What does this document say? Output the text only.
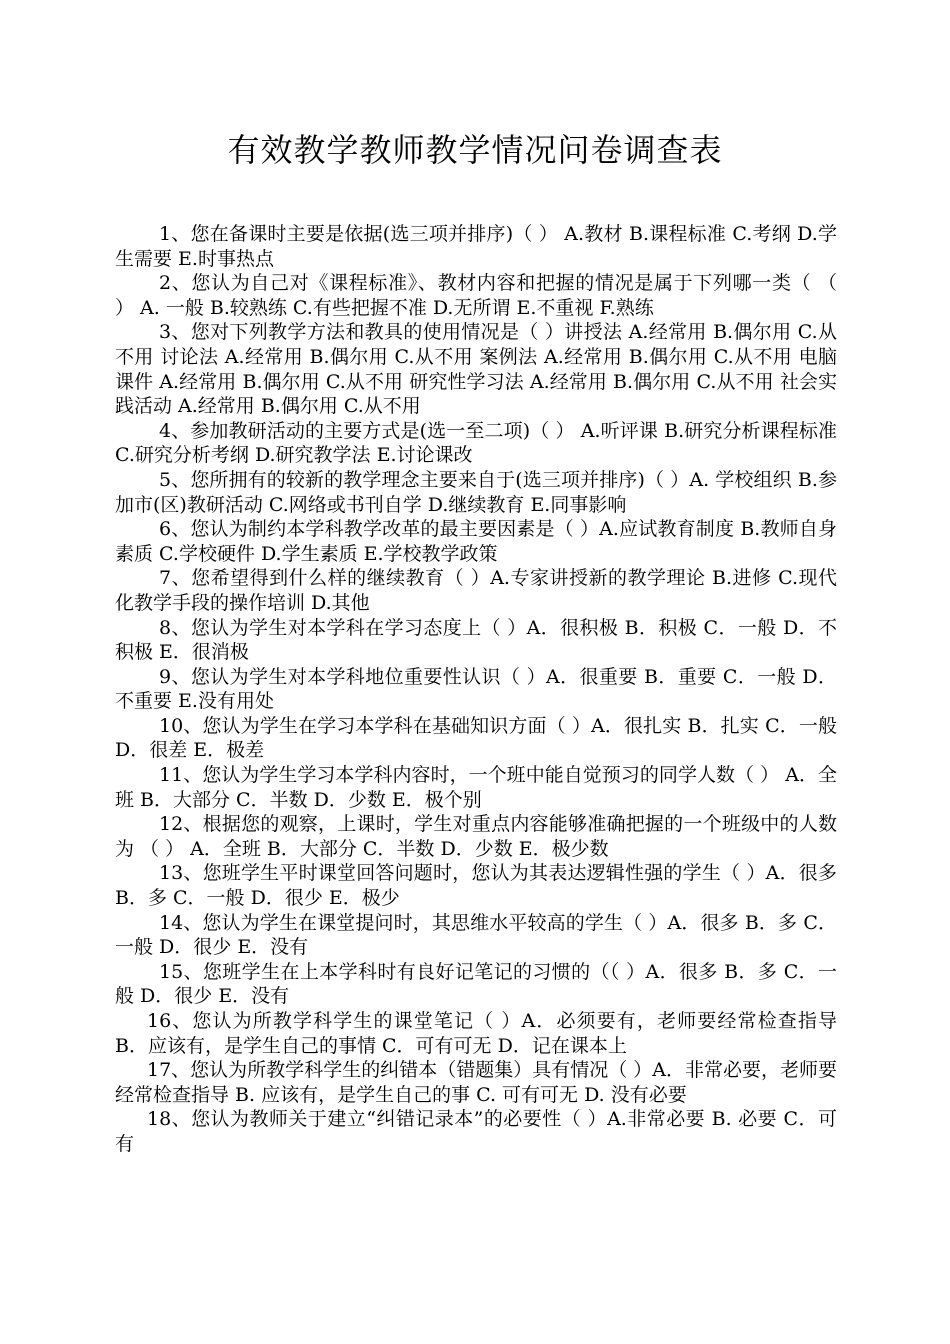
有效教学教师教学情况问卷调查表

1、您在备课时主要是依据(选三项并排序)（ ） A.教材 B.课程标准 C.考纲 D.学生需要 E.时事热点

2、您认为自己对《课程标准》、教材内容和把握的情况是属于下列哪一类（ （ ） A. 一般 B.较熟练 C.有些把握不准 D.无所谓 E.不重视 F.熟练

3、您对下列教学方法和教具的使用情况是（ ）讲授法 A.经常用 B.偶尔用 C.从不用 讨论法 A.经常用 B.偶尔用 C.从不用 案例法 A.经常用 B.偶尔用 C.从不用 电脑课件 A.经常用 B.偶尔用 C.从不用 研究性学习法 A.经常用 B.偶尔用 C.从不用 社会实践活动 A.经常用 B.偶尔用 C.从不用

4、参加教研活动的主要方式是(选一至二项)（ ） A.听评课 B.研究分析课程标准 C.研究分析考纲 D.研究教学法 E.讨论课改

5、您所拥有的较新的教学理念主要来自于(选三项并排序)（ ）A. 学校组织 B.参加市(区)教研活动 C.网络或书刊自学 D.继续教育 E.同事影响

6、您认为制约本学科教学改革的最主要因素是（ ）A.应试教育制度 B.教师自身素质 C.学校硬件 D.学生素质 E.学校教学政策

7、您希望得到什么样的继续教育（ ）A.专家讲授新的教学理论 B.进修 C.现代化教学手段的操作培训 D.其他

8、您认为学生对本学科在学习态度上（ ）A．很积极 B．积极 C．一般 D．不积极 E．很消极

9、您认为学生对本学科地位重要性认识（ ）A．很重要 B．重要 C．一般 D．不重要 E.没有用处

10、您认为学生在学习本学科在基础知识方面（ ）A．很扎实 B．扎实 C．一般 D．很差 E．极差

11、您认为学生学习本学科内容时，一个班中能自觉预习的同学人数（ ） A．全班 B．大部分 C．半数 D．少数 E．极个别

12、根据您的观察，上课时，学生对重点内容能够准确把握的一个班级中的人数为 （ ） A．全班 B．大部分 C．半数 D．少数 E．极少数

13、您班学生平时课堂回答问题时，您认为其表达逻辑性强的学生（ ）A．很多 B．多 C．一般 D．很少 E．极少

14、您认为学生在课堂提问时，其思维水平较高的学生（ ）A．很多 B．多 C．一般 D．很少 E．没有

15、您班学生在上本学科时有良好记笔记的习惯的（（ ）A．很多 B．多 C．一般 D．很少 E．没有

16、您认为所教学科学生的课堂笔记（ ）A．必须要有，老师要经常检查指导 B．应该有，是学生自己的事情 C．可有可无 D．记在课本上

17、您认为所教学科学生的纠错本（错题集）具有情况（ ）A．非常必要，老师要经常检查指导 B. 应该有，是学生自己的事 C. 可有可无 D. 没有必要

18、您认为教师关于建立“纠错记录本”的必要性（ ）A.非常必要 B. 必要 C．可有
